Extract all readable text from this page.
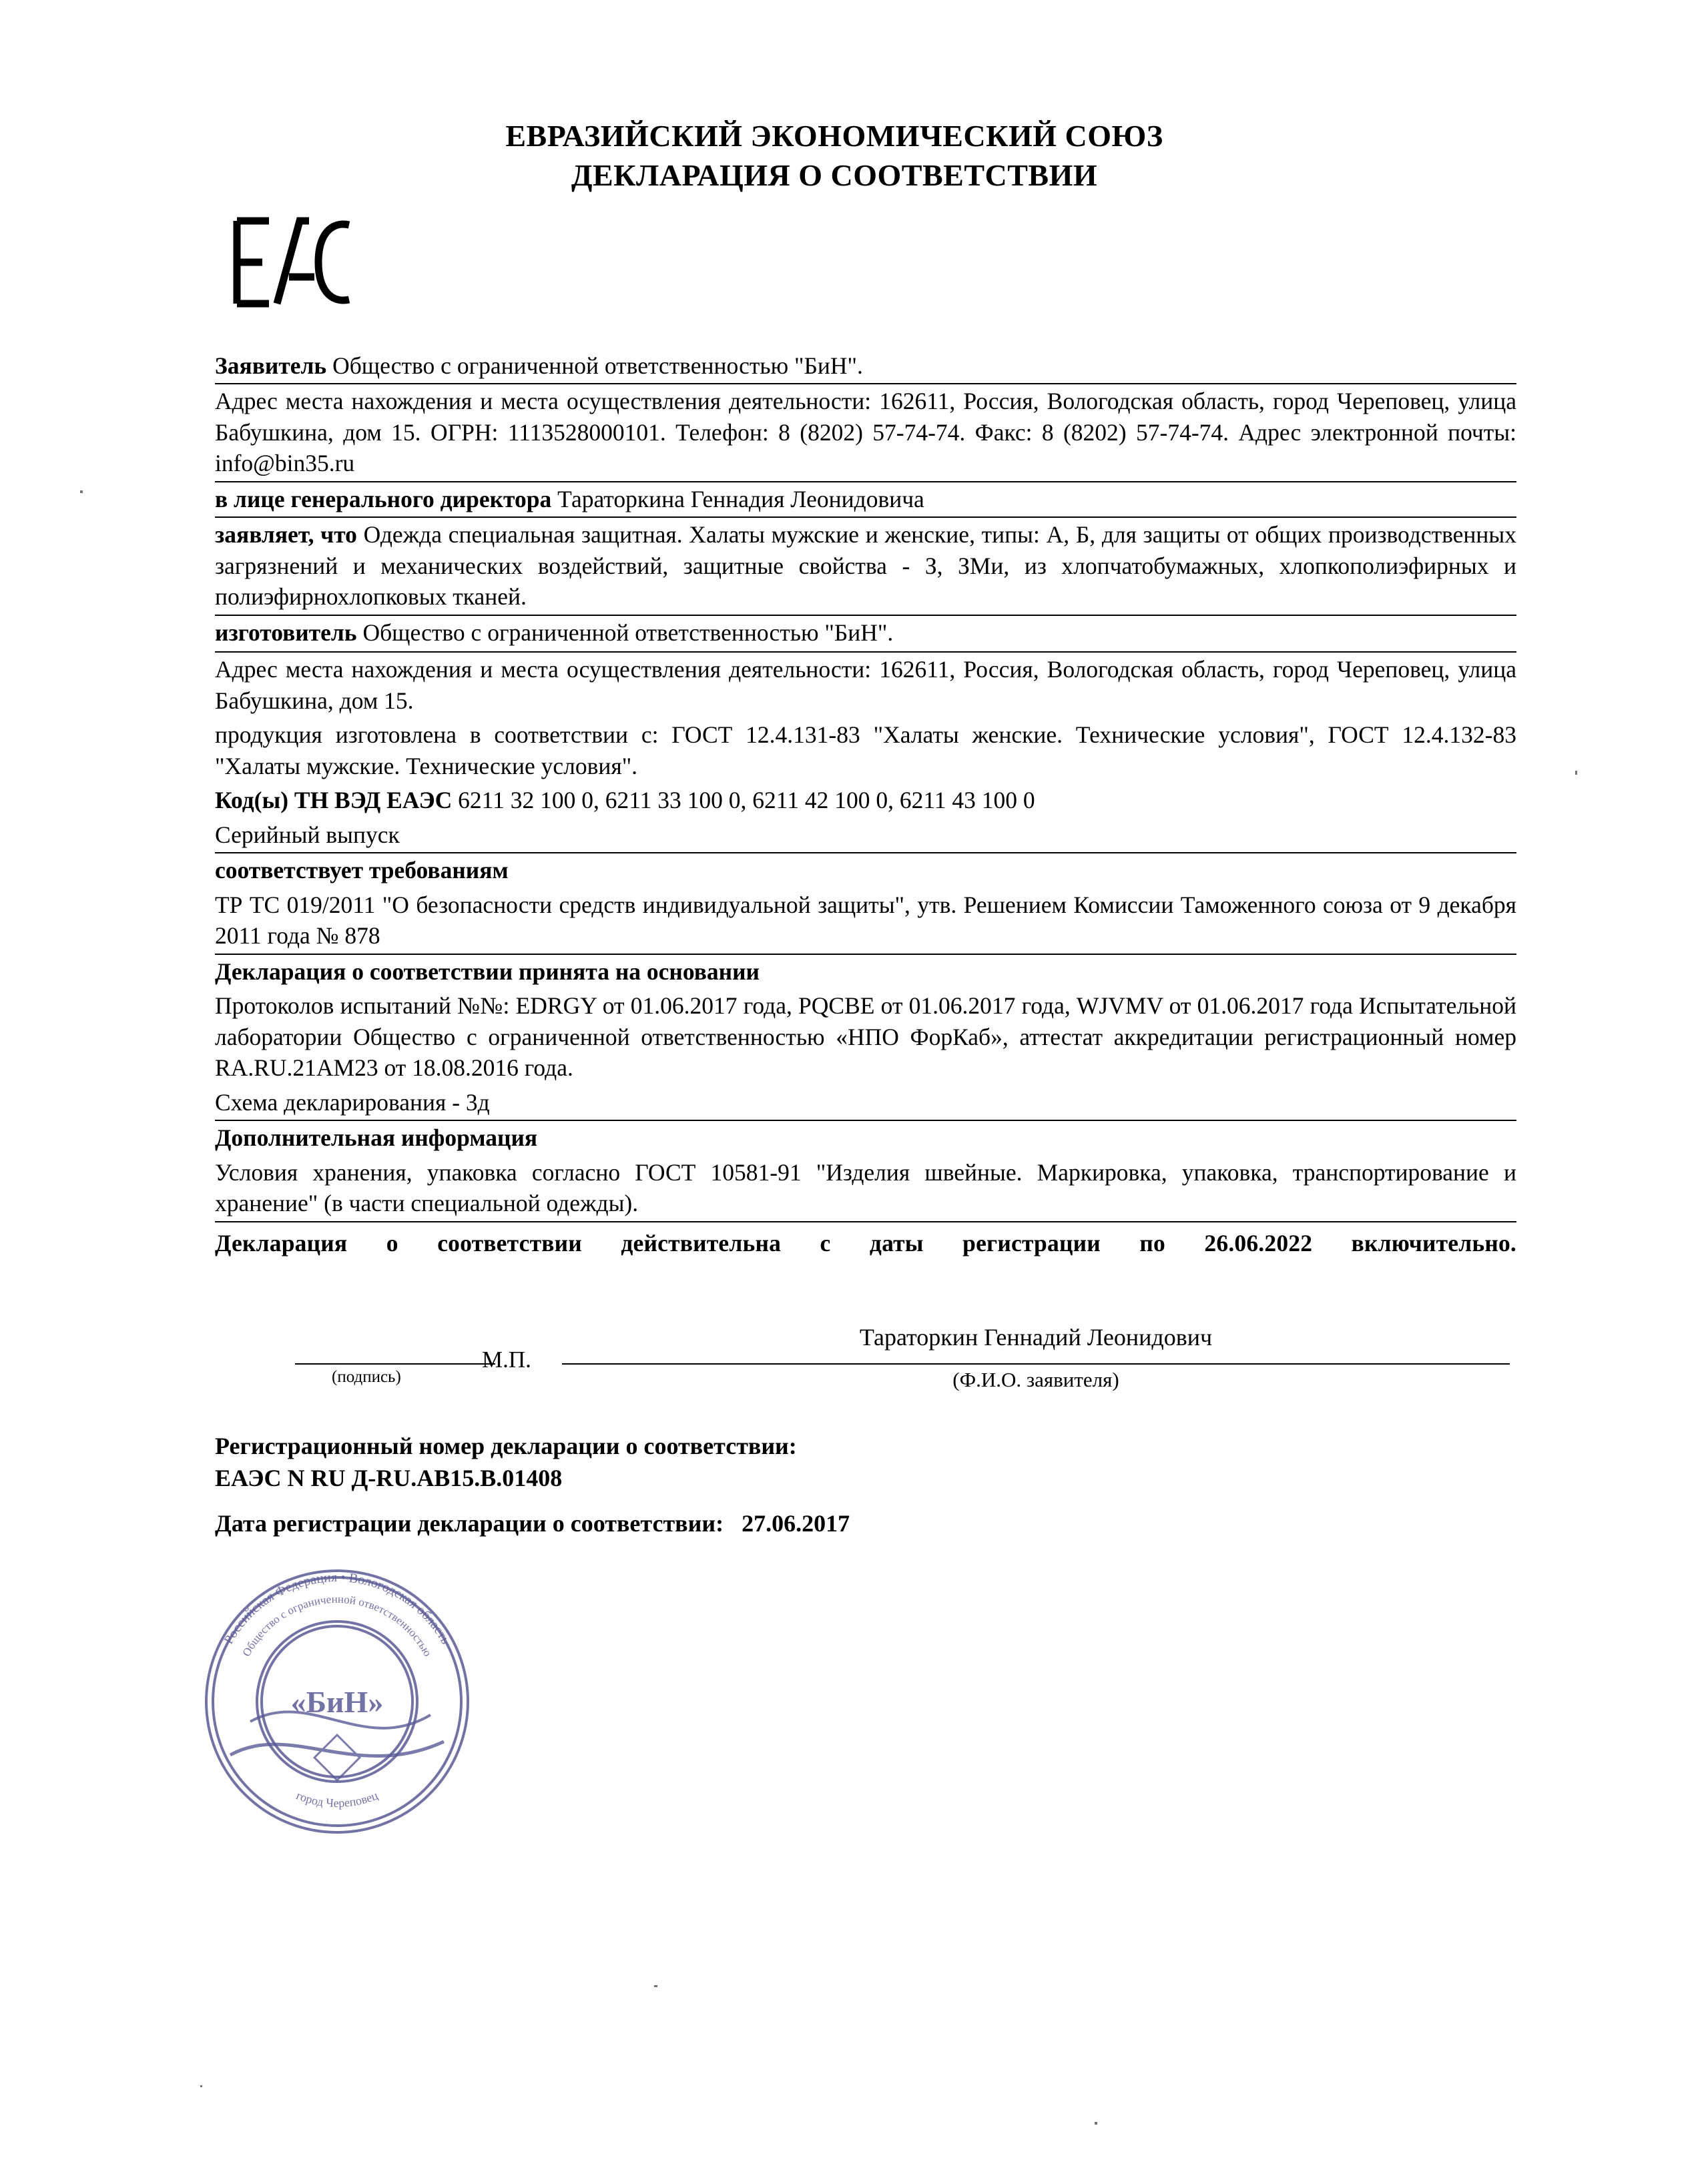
ЕВРАЗИЙСКИЙ ЭКОНОМИЧЕСКИЙ СОЮЗ
ДЕКЛАРАЦИЯ О СООТВЕТСТВИИ
Заявитель Общество с ограниченной ответственностью "БиН".
Адрес места нахождения и места осуществления деятельности: 162611, Россия, Вологодская область, город Череповец, улица Бабушкина, дом 15. ОГРН: 1113528000101. Телефон: 8 (8202) 57-74-74. Факс: 8 (8202) 57-74-74. Адрес электронной почты: info@bin35.ru
в лице генерального директора Тараторкина Геннадия Леонидовича
заявляет, что Одежда специальная защитная. Халаты мужские и женские, типы: А, Б, для защиты от общих производственных загрязнений и механических воздействий, защитные свойства - З, ЗМи, из хлопчатобумажных, хлопкополиэфирных и полиэфирнохлопковых тканей.
изготовитель Общество с ограниченной ответственностью "БиН".
Адрес места нахождения и места осуществления деятельности: 162611, Россия, Вологодская область, город Череповец, улица Бабушкина, дом 15.
продукция изготовлена в соответствии с: ГОСТ 12.4.131-83 "Халаты женские. Технические условия", ГОСТ 12.4.132-83 "Халаты мужские. Технические условия".
Код(ы) ТН ВЭД ЕАЭС 6211 32 100 0, 6211 33 100 0, 6211 42 100 0, 6211 43 100 0
Серийный выпуск
соответствует требованиям
ТР ТС 019/2011 "О безопасности средств индивидуальной защиты", утв. Решением Комиссии Таможенного союза от 9 декабря 2011 года № 878
Декларация о соответствии принята на основании
Протоколов испытаний №№: EDRGY от 01.06.2017 года, PQCBE от 01.06.2017 года, WJVMV от 01.06.2017 года Испытательной лаборатории Общество с ограниченной ответственностью «НПО ФорКаб», аттестат аккредитации регистрационный номер RA.RU.21AM23 от 18.08.2016 года.
Схема декларирования - 3д
Дополнительная информация
Условия хранения, упаковка согласно ГОСТ 10581-91 "Изделия швейные. Маркировка, упаковка, транспортирование и хранение" (в части специальной одежды).
Декларация о соответствии действительна с даты регистрации по 26.06.2022 включительно.
(подпись)
М.П.
Тараторкин Геннадий Леонидович
(Ф.И.О. заявителя)
Регистрационный номер декларации о соответствии:
ЕАЭС N RU Д-RU.AB15.B.01408
Дата регистрации декларации о соответствии: 27.06.2017
Российская Федерация • Вологодская область
Общество с ограниченной ответственностью
город Череповец
«БиН»
